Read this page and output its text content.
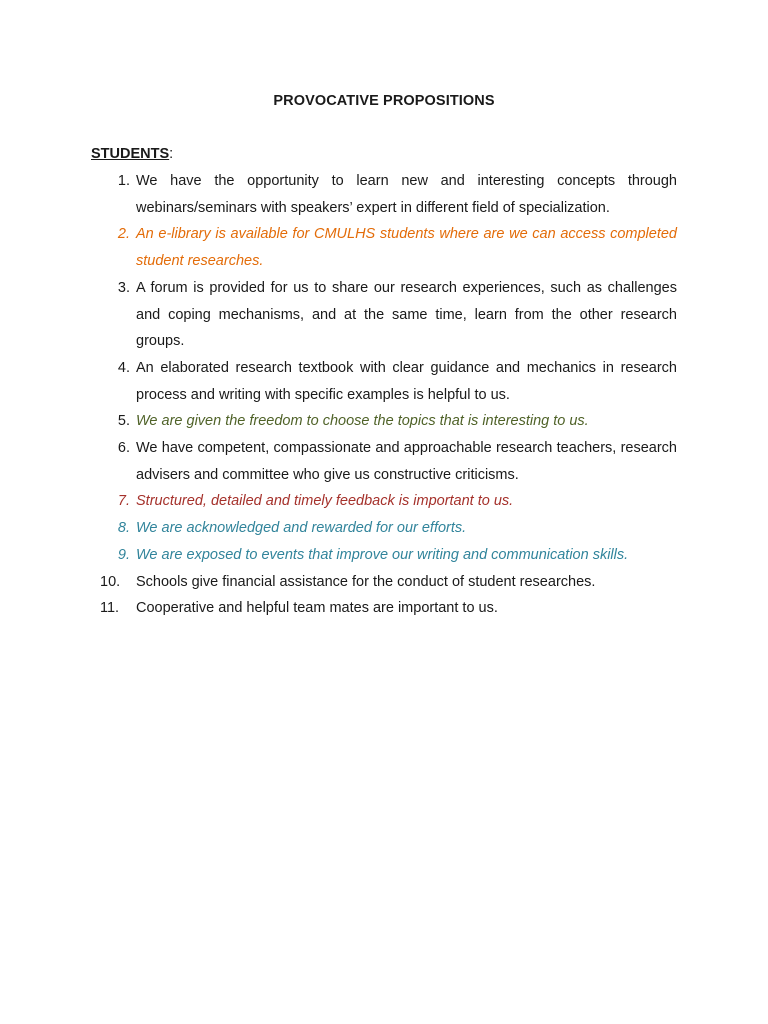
PROVOCATIVE PROPOSITIONS
STUDENTS:
1. We have the opportunity to learn new and interesting concepts through webinars/seminars with speakers’ expert in different field of specialization.
2. An e-library is available for CMULHS students where are we can access completed student researches.
3. A forum is provided for us to share our research experiences, such as challenges and coping mechanisms, and at the same time, learn from the other research groups.
4. An elaborated research textbook with clear guidance and mechanics in research process and writing with specific examples is helpful to us.
5. We are given the freedom to choose the topics that is interesting to us.
6. We have competent, compassionate and approachable research teachers, research advisers and committee who give us constructive criticisms.
7. Structured, detailed and timely feedback is important to us.
8. We are acknowledged and rewarded for our efforts.
9. We are exposed to events that improve our writing and communication skills.
10.	Schools give financial assistance for the conduct of student researches.
11.	Cooperative and helpful team mates are important to us.
